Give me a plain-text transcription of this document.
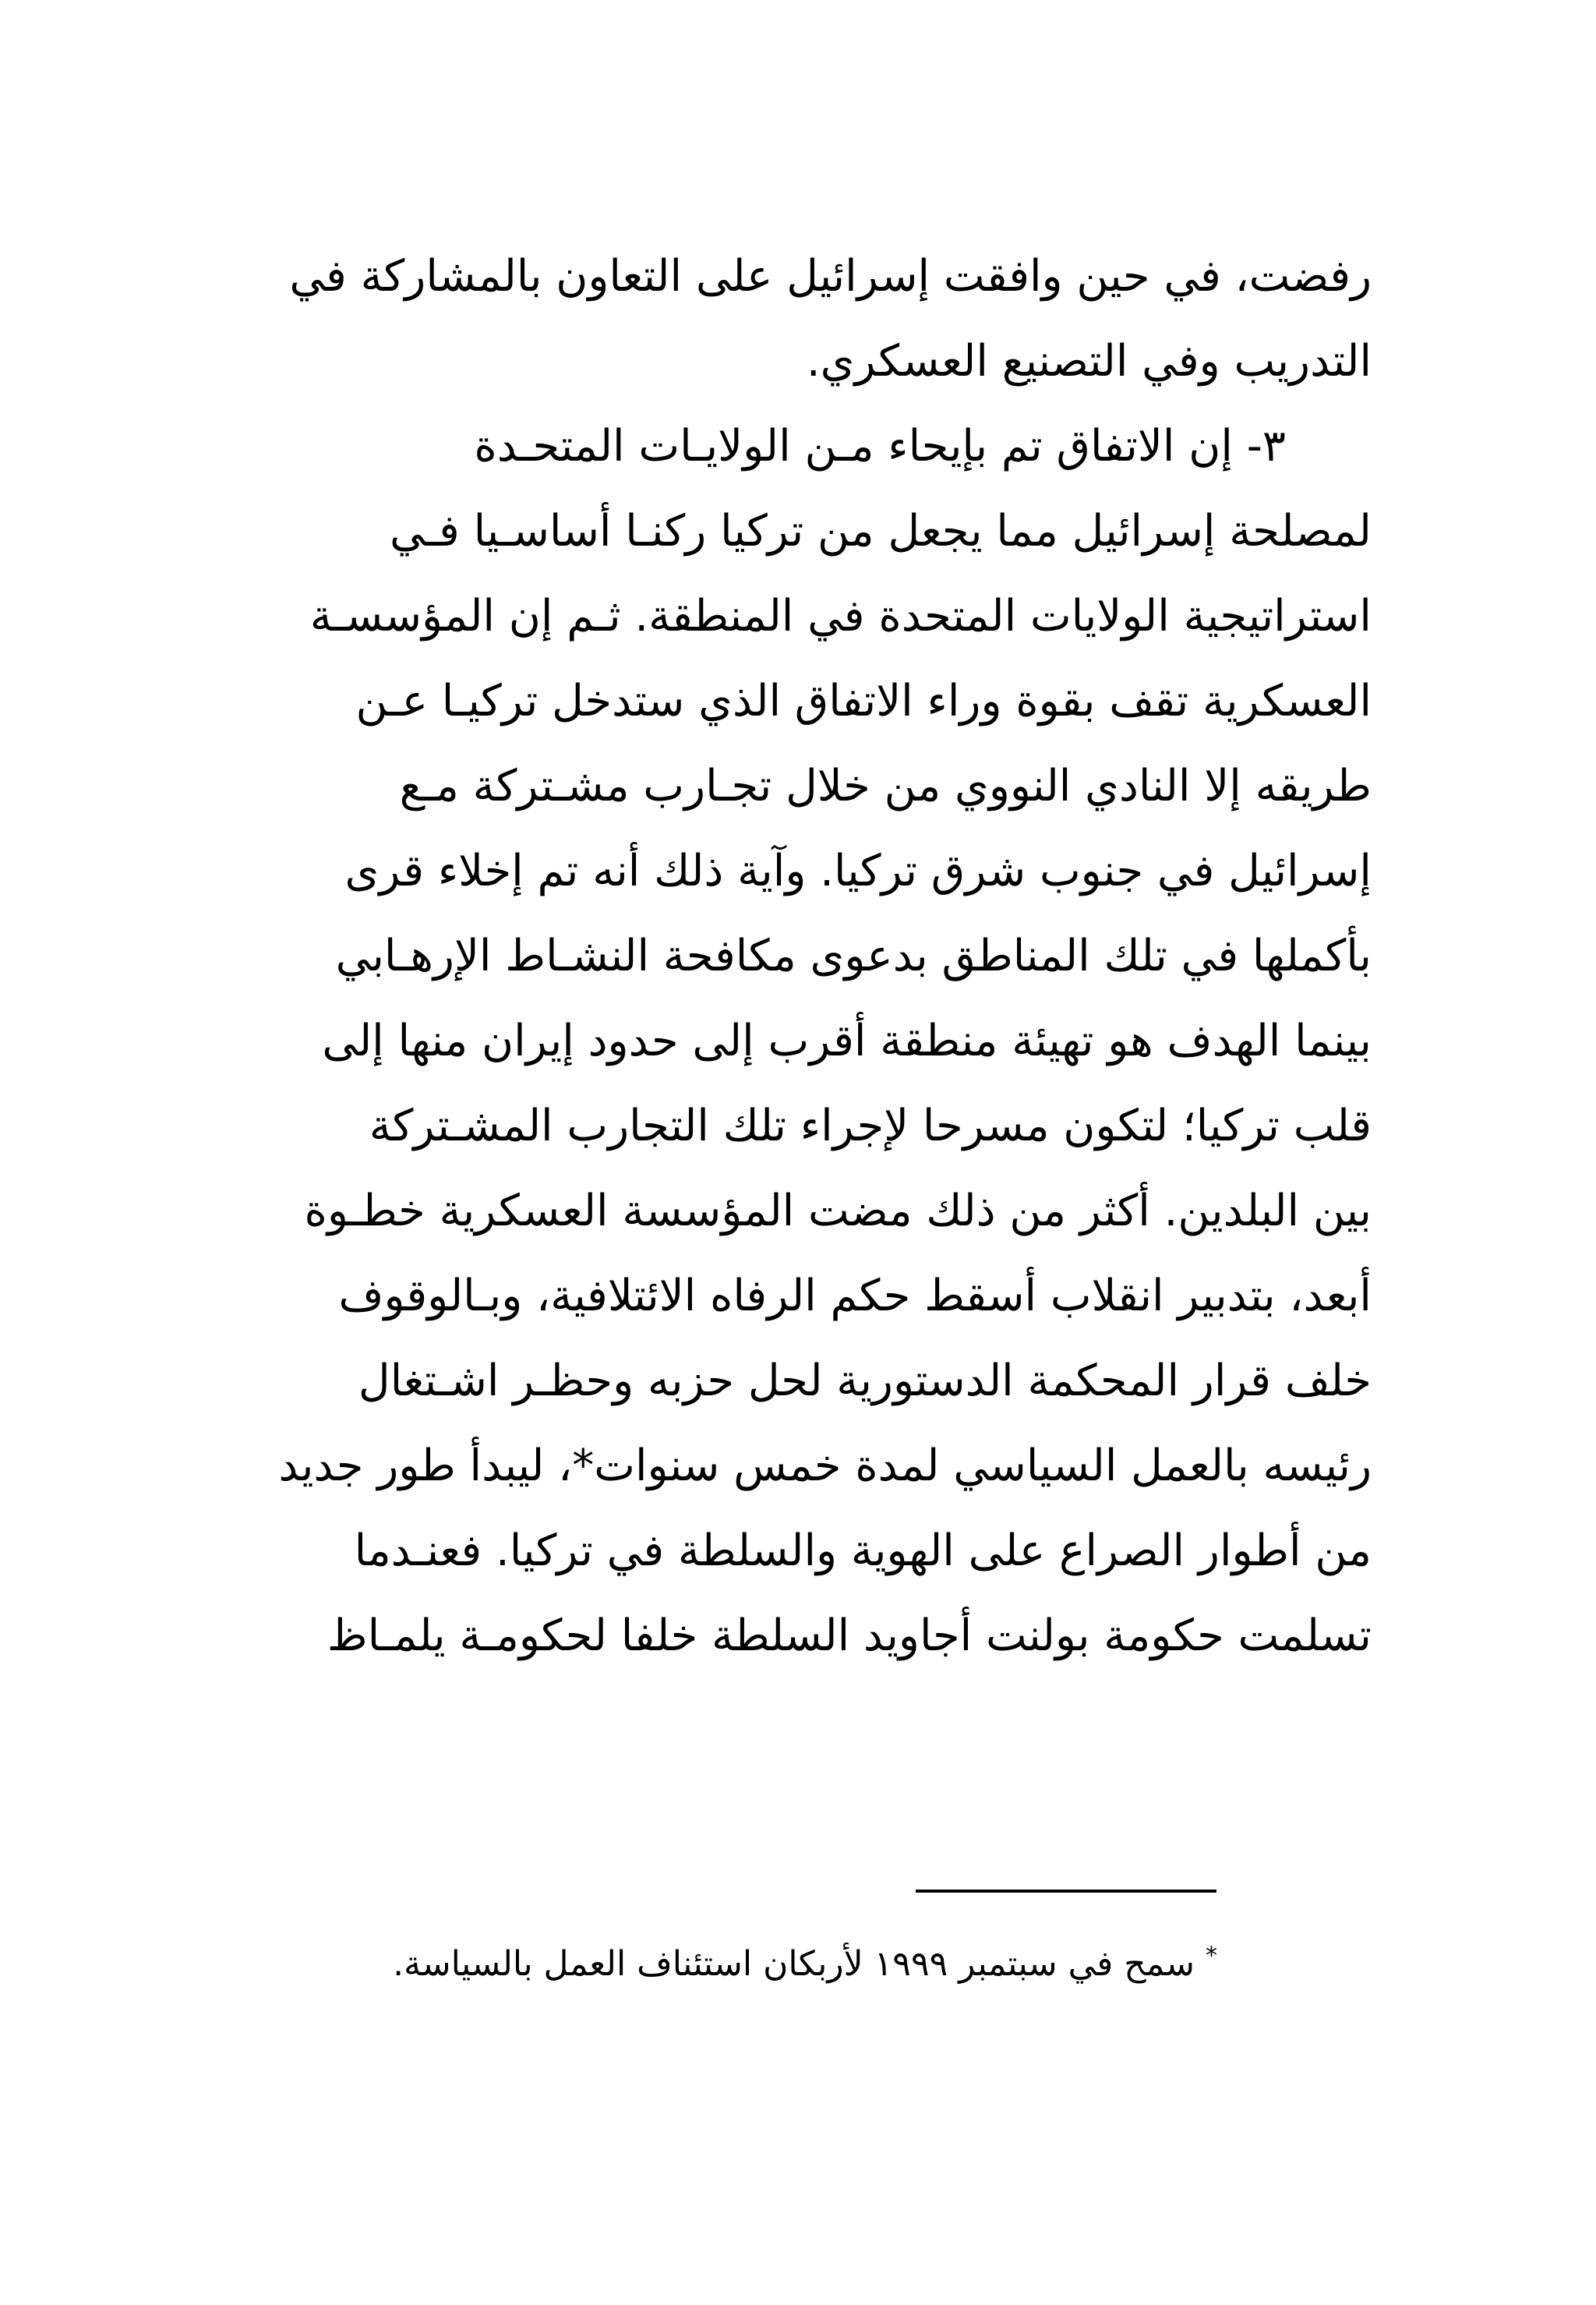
رفضت، في حين وافقت إسرائيل على التعاون بالمشاركة في
التدريب وفي التصنيع العسكري.
٣- إن الاتفاق تم بإيحاء مـن الولايـات المتحـدة
لمصلحة إسرائيل مما يجعل من تركيا ركنـا أساسـيا فـي
استراتيجية الولايات المتحدة في المنطقة. ثـم إن المؤسسـة
العسكرية تقف بقوة وراء الاتفاق الذي ستدخل تركيـا عـن
طريقه إلا النادي النووي من خلال تجـارب مشـتركة مـع
إسرائيل في جنوب شرق تركيا. وآية ذلك أنه تم إخلاء قرى
بأكملها في تلك المناطق بدعوى مكافحة النشـاط الإرهـابي
بينما الهدف هو تهيئة منطقة أقرب إلى حدود إيران منها إلى
قلب تركيا؛ لتكون مسرحا لإجراء تلك التجارب المشـتركة
بين البلدين. أكثر من ذلك مضت المؤسسة العسكرية خطـوة
أبعد، بتدبير انقلاب أسقط حكم الرفاه الائتلافية، وبـالوقوف
خلف قرار المحكمة الدستورية لحل حزبه وحظـر اشـتغال
رئيسه بالعمل السياسي لمدة خمس سنوات*، ليبدأ طور جديد
من أطوار الصراع على الهوية والسلطة في تركيا. فعنـدما
تسلمت حكومة بولنت أجاويد السلطة خلفا لحكومـة يلمـاظ
* سمح في سبتمبر ١٩٩٩ لأربكان استئناف العمل بالسياسة.
